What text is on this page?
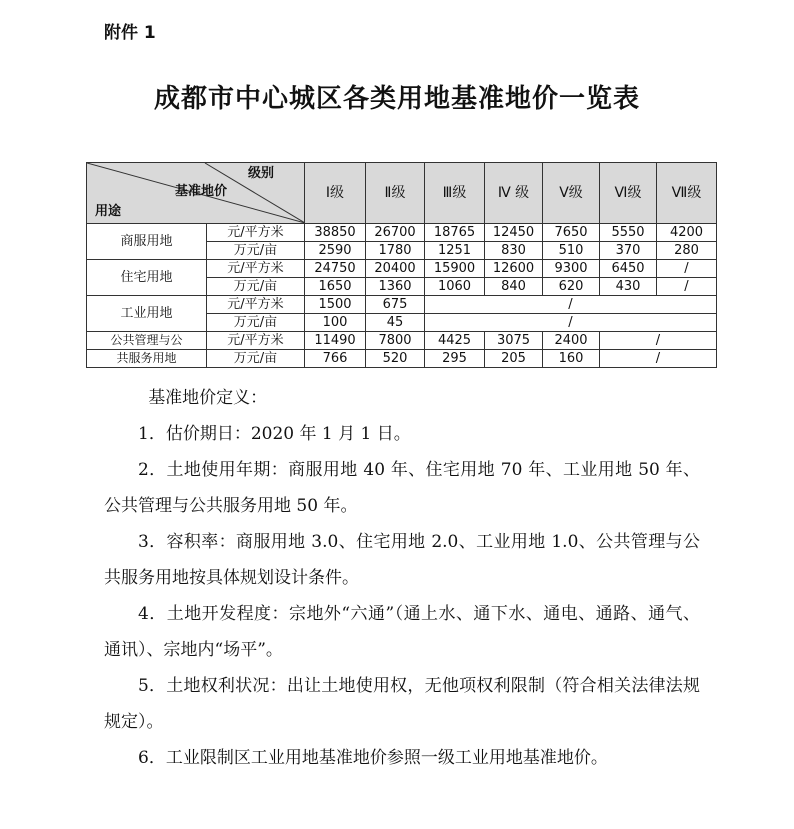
附件 1
成都市中心城区各类用地基准地价一览表
级别
基准地价
用途		Ⅰ级	Ⅱ级	Ⅲ级	Ⅳ 级	Ⅴ级	Ⅵ级	Ⅶ级
商服用地	元/平方米	38850	26700	18765	12450	7650	5550	4200
	万元/亩	2590	1780	1251	830	510	370	280
住宅用地	元/平方米	24750	20400	15900	12600	9300	6450	/
	万元/亩	1650	1360	1060	840	620	430	/
工业用地	元/平方米	1500	675	/				
	万元/亩	100	45	/				
公共管理与公	元/平方米	11490	7800	4425	3075	2400	/	
共服务用地	万元/亩	766	520	295	205	160	/	

基准地价定义：

1．估价期日：2020 年 1 月 1 日。

2．土地使用年期：商服用地 40 年、住宅用地 70 年、工业用地 50 年、公共管理与公共服务用地 50 年。

3．容积率：商服用地 3.0、住宅用地 2.0、工业用地 1.0、公共管理与公共服务用地按具体规划设计条件。

4．土地开发程度：宗地外“六通”（通上水、通下水、通电、通路、通气、通讯）、宗地内“场平”。

5．土地权利状况：出让土地使用权，无他项权利限制（符合相关法律法规规定）。

6．工业限制区工业用地基准地价参照一级工业用地基准地价。
